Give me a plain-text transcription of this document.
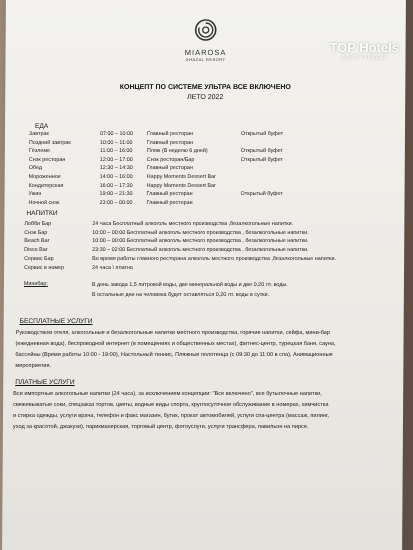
MIAROSA
GHAZAL RESORT
КОНЦЕПТ ПО СИСТЕМЕ УЛЬТРА ВСЕ ВКЛЮЧЕНО
ЛЕТО 2022
ЕДА
Завтрак	07:00 – 10:00	Главный ресторан	Открытый буфет
Поздний завтрак	10:00 – 11:00	Главный ресторан
Гёзлеме	11:00 – 16:00	Пляж (В неделю 6 дней)	Открытый буфет
Снэк ресторан	12:00 – 17:00	Снэк ресторан/Бар	Открытый буфет
Обед	12:30 – 14:30	Главный ресторан
Мороженное	14:00 – 16:00	Happy Moments Dessert Bar
Кондитерская	16:00 – 17:30	Happy Moments Dessert Bar
Ужин	19:00 – 21:30	Главный ресторан	Открытый буфет
Ночной снэк	23:00 – 00:00	Главный ресторан
НАПИТКИ
Лобби Бар	24 часа Бесплатный алкоголь местного производства ,безалкогольные напитки.
Снэк Бар	10:00 – 00:00 Бесплатный алкоголь местного производства , безалкогольные напитки.
Beach Bar	10:00 – 00:00 Бесплатный алкоголь местного производства , безалкогольные напитки.
Disco Bar	23:30 – 02:00 Бесплатный алкоголь местного производства , безалкогольные напитки.
Сервис Бар	Во время работы главного ресторана алкоголь местного производства ,безалкогольные напитки.
Сервис в номер	24 часа \ платно
Минибар:	В день завода 1,5 литровой воды, две минеральной воды и две 0,20 лт. воды.
В остальные дни на человека будет оставляться 0,20 лт. воды в сутки.
БЕСПЛАТНЫЕ УСЛУГИ
Руководством отеля, алкогольные и безалкогольные напитки местного производства, горячие напитки, сейфа, мини-бар
(ежедневная вода), беспроводной интернет (в помещениях и общественных местах), фитнес-центр, турецкая баня, сауна,
бассейны (Время работы 10:00 - 19:00), Настольный теннис, Пляжные полотенца (с 09:30 до 11:00 в спа), Анимационные
мероприятия.
ПЛАТНЫЕ УСЛУГИ
Все импортные алкогольные напитки (24 часа), за исключением концепции: "Все включено", все бутылочные напитки,
свежевыжатые соки, спецзаказ тортов, цветы, водные виды спорта, круглосуточное обслуживание в номерах, химчистка
и стирка одежды, услуги врача, телефон и факс магазин, бутик, прокат автомобилей, услуги спа-центра (массаж, пилинг,
уход за красотой, джакузи), парикмахерская, торговый центр, фотоуслуги, услуги трансфера, павильон на пирсе.
TOP Hotels
ФОТО ТУРИСТА
